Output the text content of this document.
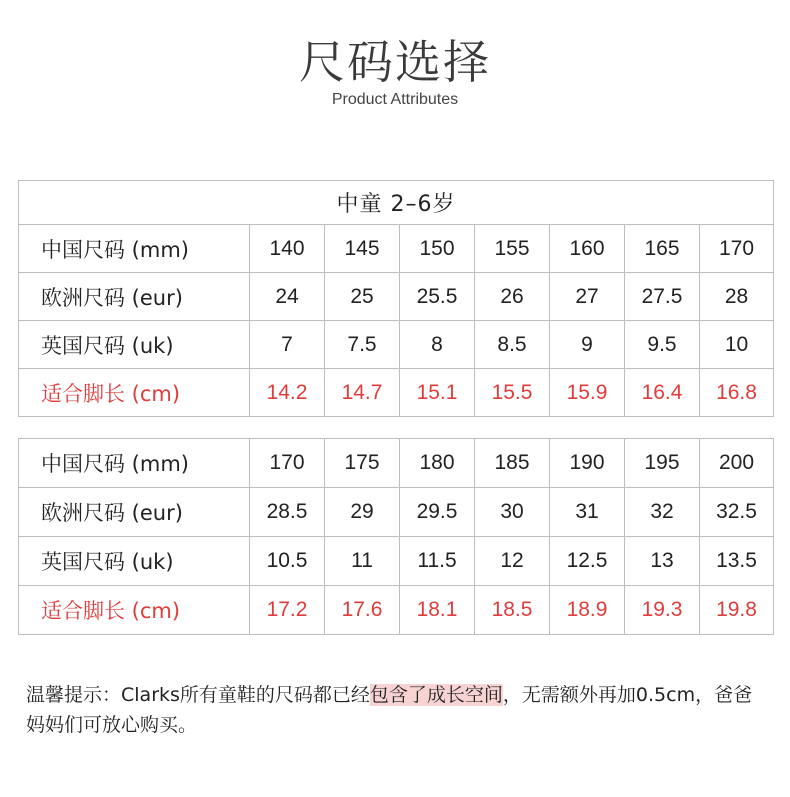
尺码选择
Product Attributes
中童 2–6岁							
中国尺码 (mm)	140	145	150	155	160	165	170
欧洲尺码 (eur)	24	25	25.5	26	27	27.5	28
英国尺码 (uk)	7	7.5	8	8.5	9	9.5	10
适合脚长 (cm)	14.2	14.7	15.1	15.5	15.9	16.4	16.8
中国尺码 (mm)	170	175	180	185	190	195	200
欧洲尺码 (eur)	28.5	29	29.5	30	31	32	32.5
英国尺码 (uk)	10.5	11	11.5	12	12.5	13	13.5
适合脚长 (cm)	17.2	17.6	18.1	18.5	18.9	19.3	19.8
温馨提示：Clarks所有童鞋的尺码都已经包含了成长空间，无需额外再加0.5cm，爸爸妈妈们可放心购买。
